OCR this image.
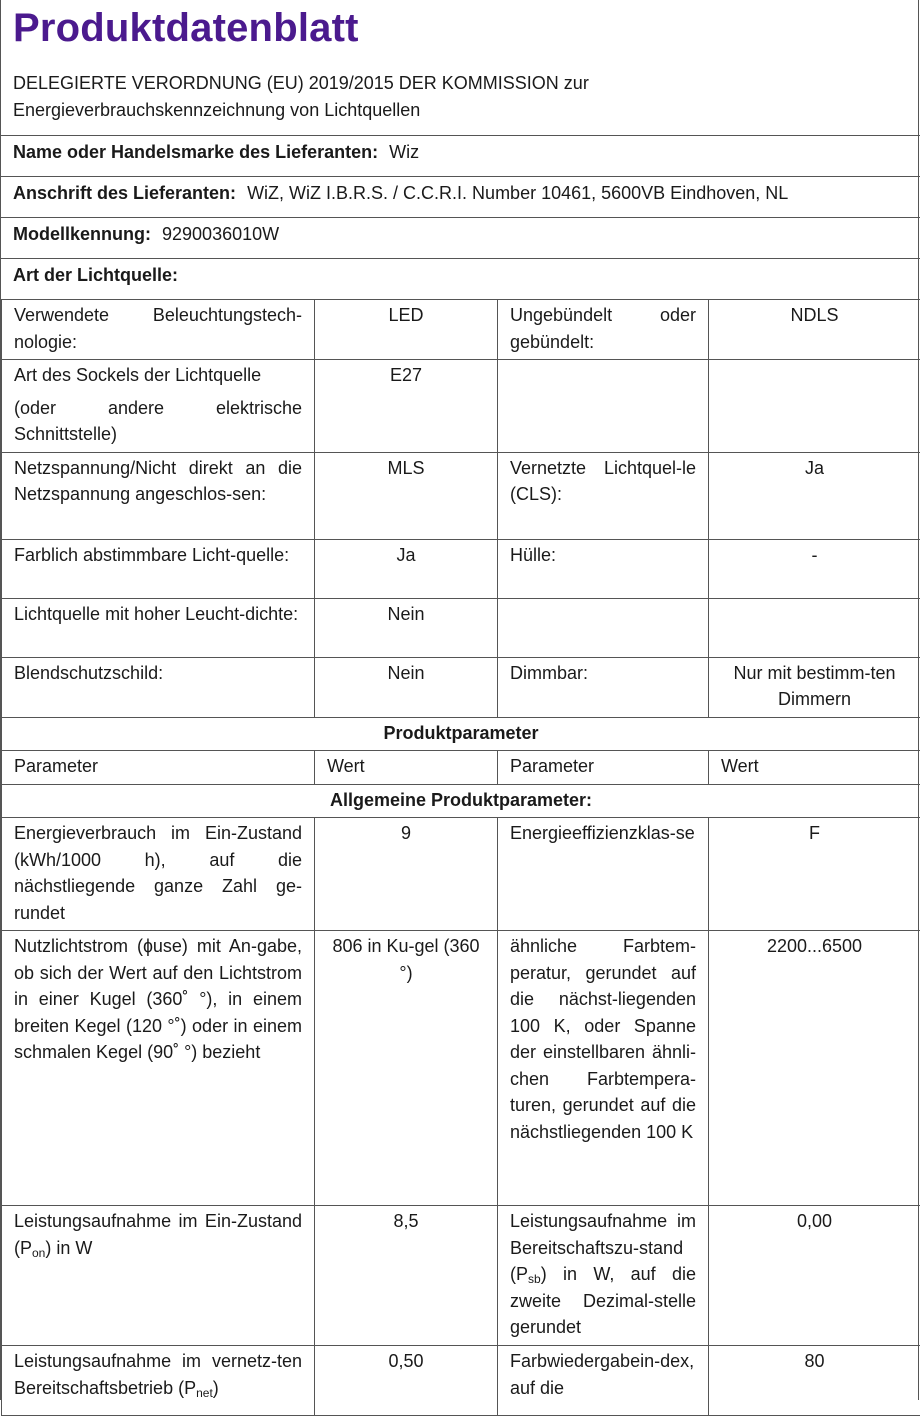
Produktdatenblatt
DELEGIERTE VERORDNUNG (EU) 2019/2015 DER KOMMISSION zur
Energieverbrauchskennzeichnung von Lichtquellen
Name oder Handelsmarke des Lieferanten: Wiz
Anschrift des Lieferanten: WiZ, WiZ I.B.R.S. / C.C.R.I. Number 10461, 5600VB Eindhoven, NL
Modellkennung: 9290036010W
Art der Lichtquelle:
Verwendete Beleuchtungstech-nologie:	LED	Ungebündelt oder gebündelt:	NDLS

Art des Sockels der Lichtquelle
(oder andere elektrische Schnittstelle)	E27		
Netzspannung/Nicht direkt an die Netzspannung angeschlos-sen:	MLS	Vernetzte Lichtquel-le (CLS):	Ja
Farblich abstimmbare Licht-quelle:	Ja	Hülle:	-
Lichtquelle mit hoher Leucht-dichte:	Nein		
Blendschutzschild:	Nein	Dimmbar:	Nur mit bestimm-ten Dimmern
Produktparameter			
Parameter	Wert	Parameter	Wert
Allgemeine Produktparameter:			
Energieverbrauch im Ein-Zustand (kWh/1000 h), auf die nächstliegende ganze Zahl ge-rundet	9	Energieeffizienzklas-se	F
Nutzlichtstrom (ɸuse) mit An-gabe, ob sich der Wert auf den Lichtstrom in einer Kugel (360˚ °), in einem breiten Kegel (120 °˚) oder in einem schmalen Kegel (90˚ °) bezieht	806 in Ku-gel (360 °)	ähnliche Farbtem-peratur, gerundet auf die nächst-liegenden 100 K, oder Spanne der einstellbaren ähnli-chen Farbtempera-turen, gerundet auf die nächstliegenden 100 K	2200...6500
Leistungsaufnahme im Ein-Zustand $(P_{on})$ in W	8,5	Leistungsaufnahme im Bereitschaftszu-stand $(P_{sb})$ in W, auf die zweite Dezimal-stelle gerundet	0,00
Leistungsaufnahme im vernetz-ten Bereitschaftsbetrieb $(P_{net})$	0,50	Farbwiedergabein-dex, auf die	80
